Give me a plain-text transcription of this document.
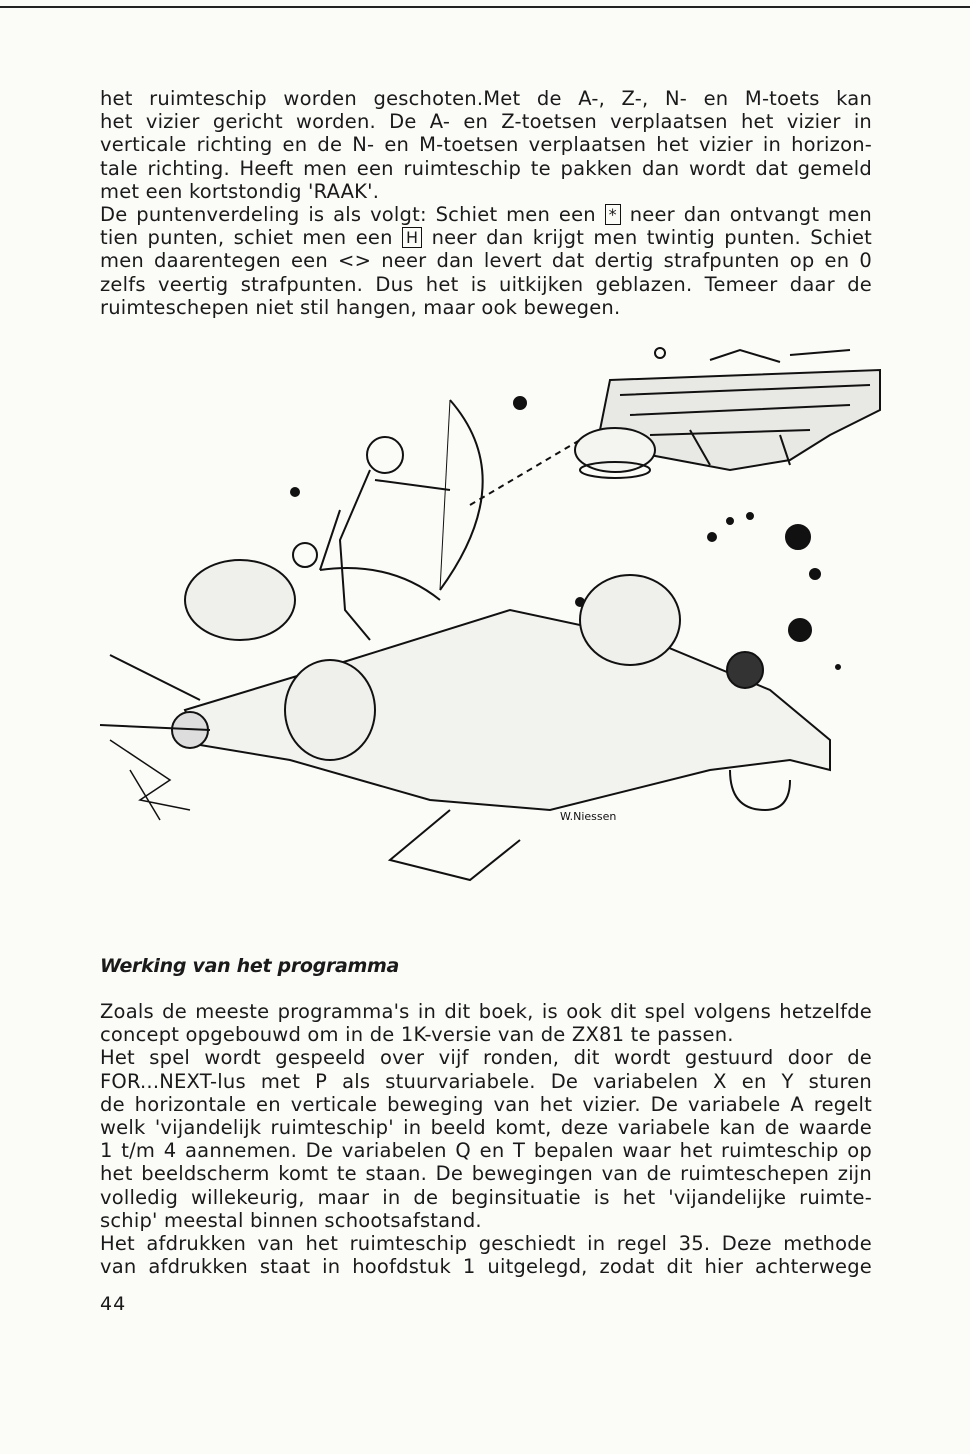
het ruimteschip worden geschoten.Met de A-, Z-, N- en M-toets kan
het vizier gericht worden. De A- en Z-toetsen verplaatsen het vizier in
verticale richting en de N- en M-toetsen verplaatsen het vizier in horizon-
tale richting. Heeft men een ruimteschip te pakken dan wordt dat gemeld
met een kortstondig 'RAAK'.
De puntenverdeling is als volgt: Schiet men een * neer dan ontvangt men
tien punten, schiet men een H neer dan krijgt men twintig punten. Schiet
men daarentegen een <> neer dan levert dat dertig strafpunten op en 0
zelfs veertig strafpunten. Dus het is uitkijken geblazen. Temeer daar de
ruimteschepen niet stil hangen, maar ook bewegen.
W.Niessen
Werking van het programma
Zoals de meeste programma's in dit boek, is ook dit spel volgens hetzelfde
concept opgebouwd om in de 1K-versie van de ZX81 te passen.
Het spel wordt gespeeld over vijf ronden, dit wordt gestuurd door de
FOR...NEXT-lus met P als stuurvariabele. De variabelen X en Y sturen
de horizontale en verticale beweging van het vizier. De variabele A regelt
welk 'vijandelijk ruimteschip' in beeld komt, deze variabele kan de waarde
1 t/m 4 aannemen. De variabelen Q en T bepalen waar het ruimteschip op
het beeldscherm komt te staan. De bewegingen van de ruimteschepen zijn
volledig willekeurig, maar in de beginsituatie is het 'vijandelijke ruimte-
schip' meestal binnen schootsafstand.
Het afdrukken van het ruimteschip geschiedt in regel 35. Deze methode
van afdrukken staat in hoofdstuk 1 uitgelegd, zodat dit hier achterwege
44
